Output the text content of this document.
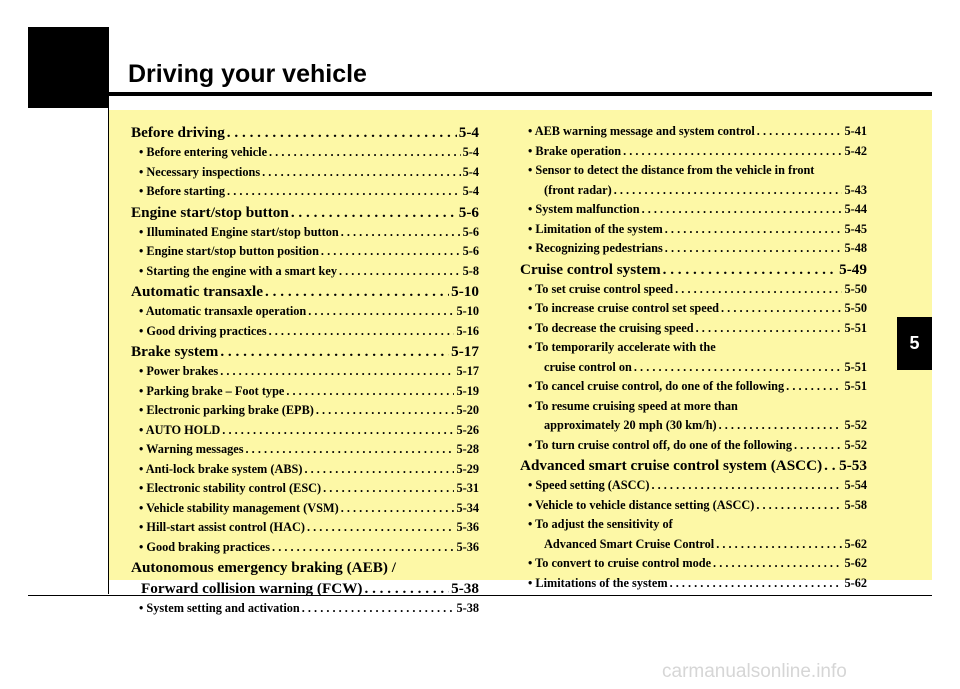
Driving your vehicle
Before driving . . .	5-4
• Before entering vehicle . . .	5-4
• Necessary inspections . . .	5-4
• Before starting . . .	5-4
Engine start/stop button . . .	5-6
• Illuminated Engine start/stop button . . .	5-6
• Engine start/stop button position . . .	5-6
• Starting the engine with a smart key . . .	5-8
Automatic transaxle . . .	5-10
• Automatic transaxle operation . . .	5-10
• Good driving practices . . .	5-16
Brake system . . .	5-17
• Power brakes . . .	5-17
• Parking brake – Foot type . . .	5-19
• Electronic parking brake (EPB) . . .	5-20
• AUTO HOLD . . .	5-26
• Warning messages . . .	5-28
• Anti-lock brake system (ABS) . . .	5-29
• Electronic stability control (ESC) . . .	5-31
• Vehicle stability management (VSM) . . .	5-34
• Hill-start assist control (HAC) . . .	5-36
• Good braking practices . . .	5-36
Autonomous emergency braking (AEB) /
Forward collision warning (FCW) . . .	5-38
• System setting and activation . . .	5-38
• AEB warning message and system control . . .	5-41
• Brake operation . . .	5-42
• Sensor to detect the distance from the vehicle in front
(front radar) . . .	5-43
• System malfunction . . .	5-44
• Limitation of the system . . .	5-45
• Recognizing pedestrians . . .	5-48
Cruise control system . . .	5-49
• To set cruise control speed . . .	5-50
• To increase cruise control set speed . . .	5-50
• To decrease the cruising speed . . .	5-51
• To temporarily accelerate with the
cruise control on . . .	5-51
• To cancel cruise control, do one of the following . . .	5-51
• To resume cruising speed at more than
approximately 20 mph (30 km/h) . . .	5-52
• To turn cruise control off, do one of the following . . .	5-52
Advanced smart cruise control system (ASCC) . . . 5-53
• Speed setting (ASCC) . . .	5-54
• Vehicle to vehicle distance setting (ASCC) . . .	5-58
• To adjust the sensitivity of
Advanced Smart Cruise Control . . .	5-62
• To convert to cruise control mode . . .	5-62
• Limitations of the system . . .	5-62
5
carmanualsonline.info
